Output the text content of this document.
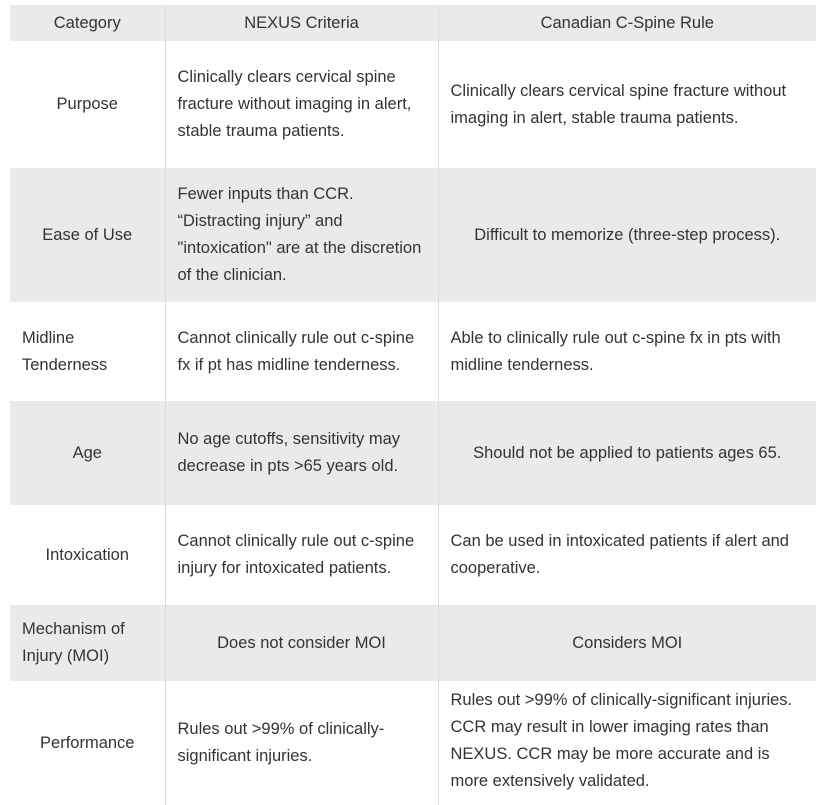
Category	NEXUS Criteria	Canadian C-Spine Rule
Purpose	Clinically clears cervical spine fracture without imaging in alert, stable trauma patients.	Clinically clears cervical spine fracture without imaging in alert, stable trauma patients.
Ease of Use	Fewer inputs than CCR. “Distracting injury” and "intoxication" are at the discretion of the clinician.	Difficult to memorize (three-step process).
Midline Tenderness	Cannot clinically rule out c-spine fx if pt has midline tenderness.	Able to clinically rule out c-spine fx in pts with midline tenderness.
Age	No age cutoffs, sensitivity may decrease in pts >65 years old.	Should not be applied to patients ages 65.
Intoxication	Cannot clinically rule out c-spine injury for intoxicated patients.	Can be used in intoxicated patients if alert and cooperative.
Mechanism of Injury (MOI)	Does not consider MOI	Considers MOI
Performance	Rules out >99% of clinically-significant injuries.	Rules out >99% of clinically-significant injuries. CCR may result in lower imaging rates than NEXUS. CCR may be more accurate and is more extensively validated.
